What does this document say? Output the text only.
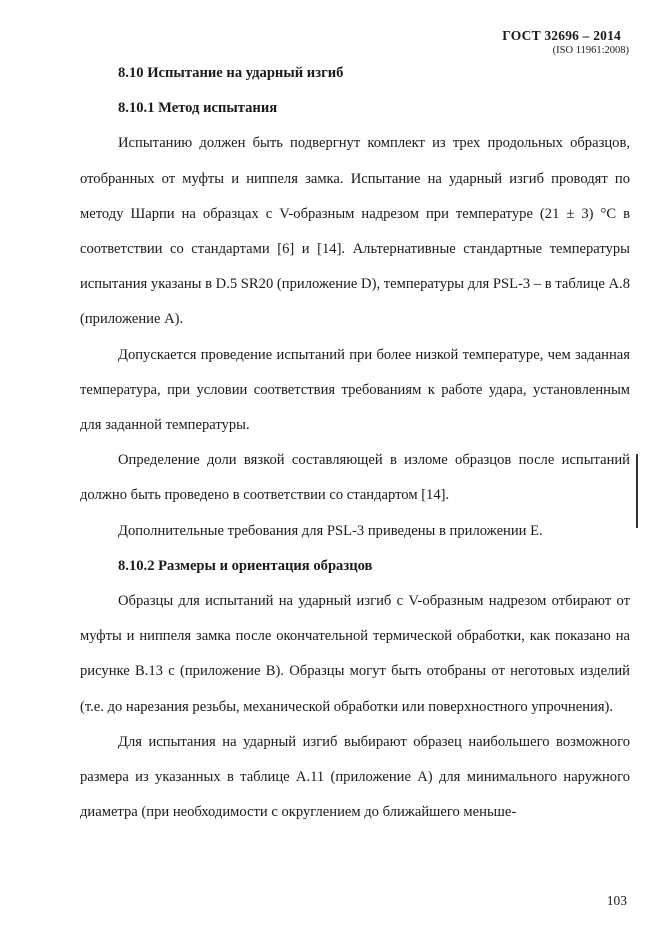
ГОСТ 32696 – 2014
(ISO 11961:2008)

8.10 Испытание на ударный изгиб

8.10.1 Метод испытания

Испытанию должен быть подвергнут комплект из трех продольных образцов, отобранных от муфты и ниппеля замка. Испытание на ударный изгиб проводят по методу Шарпи на образцах с V-образным надрезом при температуре (21 ± 3) °С в соответствии со стандартами [6] и [14]. Альтернативные стандартные температуры испытания указаны в D.5 SR20 (приложение D), температуры для PSL-3 – в таблице А.8 (приложение А).

Допускается проведение испытаний при более низкой температуре, чем заданная температура, при условии соответствия требованиям к работе удара, установленным для заданной температуры.

Определение доли вязкой составляющей в изломе образцов после испытаний должно быть проведено в соответствии со стандартом [14].

Дополнительные требования для PSL-3 приведены в приложении Е.

8.10.2 Размеры и ориентация образцов

Образцы для испытаний на ударный изгиб с V-образным надрезом отбирают от муфты и ниппеля замка после окончательной термической обработки, как показано на рисунке В.13 с (приложение В). Образцы могут быть отобраны от неготовых изделий (т.е. до нарезания резьбы, механической обработки или поверхностного упрочнения).

Для испытания на ударный изгиб выбирают образец наибольшего возможного размера из указанных в таблице А.11 (приложение А) для минимального наружного диаметра (при необходимости с округлением до ближайшего меньше-

103
